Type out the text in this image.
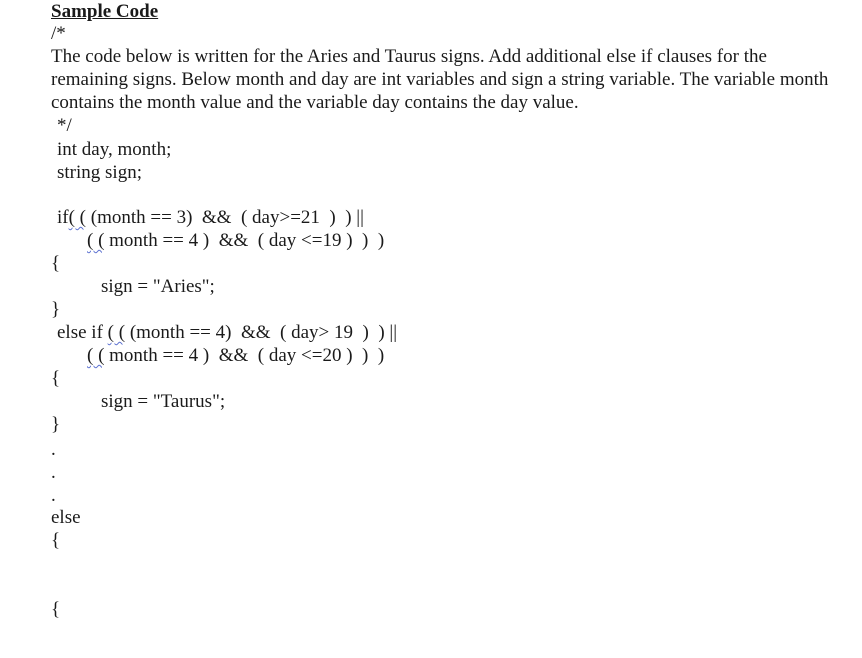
Sample Code
/*
The code below is written for the Aries and Taurus signs. Add additional else if clauses for the remaining signs. Below month and day are int variables and sign a string variable. The variable month contains the month value and the variable day contains the day value.
*/
int day, month;
string sign;
if( ( (month == 3)  &&  ( day>=21  )  ) ||
( ( month == 4 )  &&  ( day <=19 )  )  )
{
sign = "Aries";
}
else if ( ( (month == 4)  &&  ( day> 19  )  ) ||
( ( month == 4 )  &&  ( day <=20 )  )  )
{
sign = "Taurus";
}
.
.
.
else
{
{
